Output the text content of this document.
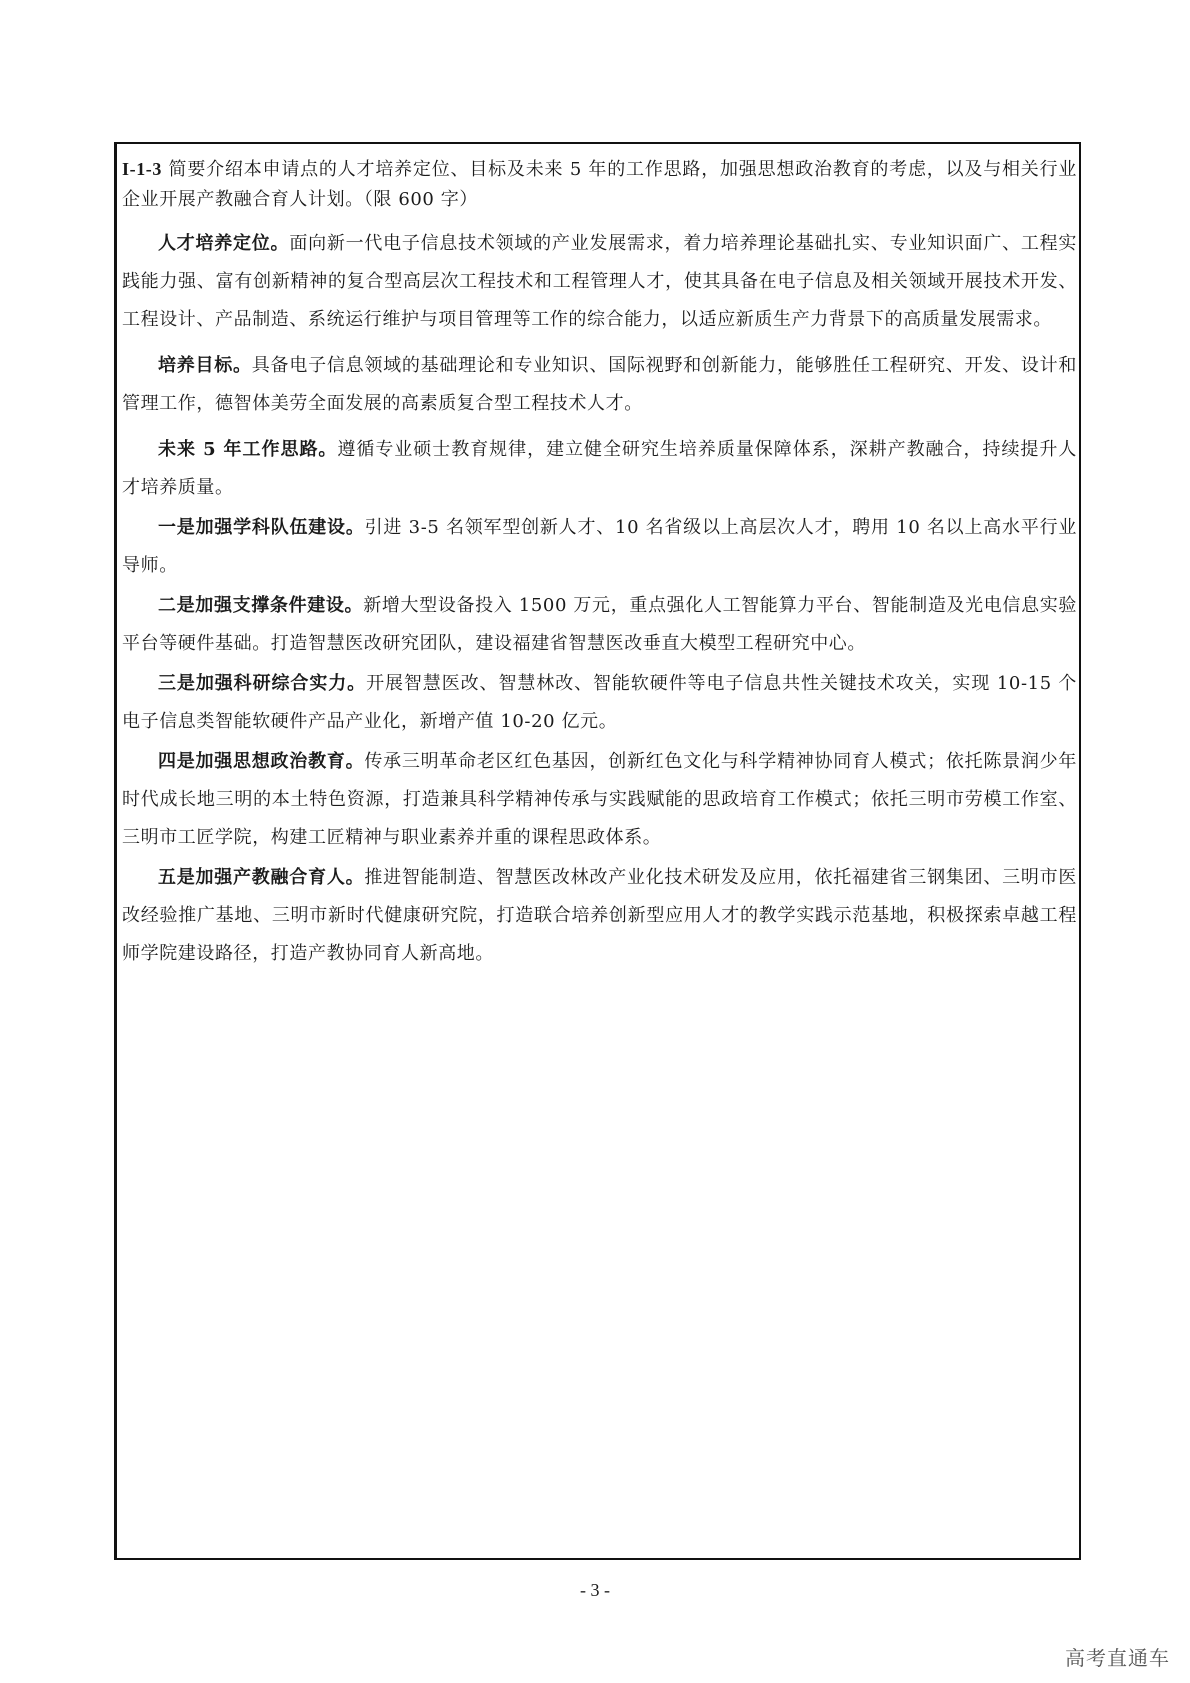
I-1-3 简要介绍本申请点的人才培养定位、目标及未来 5 年的工作思路，加强思想政治教育的考虑，以及与相关行业企业开展产教融合育人计划。（限 600 字）

人才培养定位。面向新一代电子信息技术领域的产业发展需求，着力培养理论基础扎实、专业知识面广、工程实践能力强、富有创新精神的复合型高层次工程技术和工程管理人才，使其具备在电子信息及相关领域开展技术开发、工程设计、产品制造、系统运行维护与项目管理等工作的综合能力，以适应新质生产力背景下的高质量发展需求。

培养目标。具备电子信息领域的基础理论和专业知识、国际视野和创新能力，能够胜任工程研究、开发、设计和管理工作，德智体美劳全面发展的高素质复合型工程技术人才。

未来 5 年工作思路。遵循专业硕士教育规律，建立健全研究生培养质量保障体系，深耕产教融合，持续提升人才培养质量。

一是加强学科队伍建设。引进 3-5 名领军型创新人才、10 名省级以上高层次人才，聘用 10 名以上高水平行业导师。

二是加强支撑条件建设。新增大型设备投入 1500 万元，重点强化人工智能算力平台、智能制造及光电信息实验平台等硬件基础。打造智慧医改研究团队，建设福建省智慧医改垂直大模型工程研究中心。

三是加强科研综合实力。开展智慧医改、智慧林改、智能软硬件等电子信息共性关键技术攻关，实现 10-15 个电子信息类智能软硬件产品产业化，新增产值 10-20 亿元。

四是加强思想政治教育。传承三明革命老区红色基因，创新红色文化与科学精神协同育人模式；依托陈景润少年时代成长地三明的本土特色资源，打造兼具科学精神传承与实践赋能的思政培育工作模式；依托三明市劳模工作室、三明市工匠学院，构建工匠精神与职业素养并重的课程思政体系。

五是加强产教融合育人。推进智能制造、智慧医改林改产业化技术研发及应用，依托福建省三钢集团、三明市医改经验推广基地、三明市新时代健康研究院，打造联合培养创新型应用人才的教学实践示范基地，积极探索卓越工程师学院建设路径，打造产教协同育人新高地。

- 3 -
高考直通车
